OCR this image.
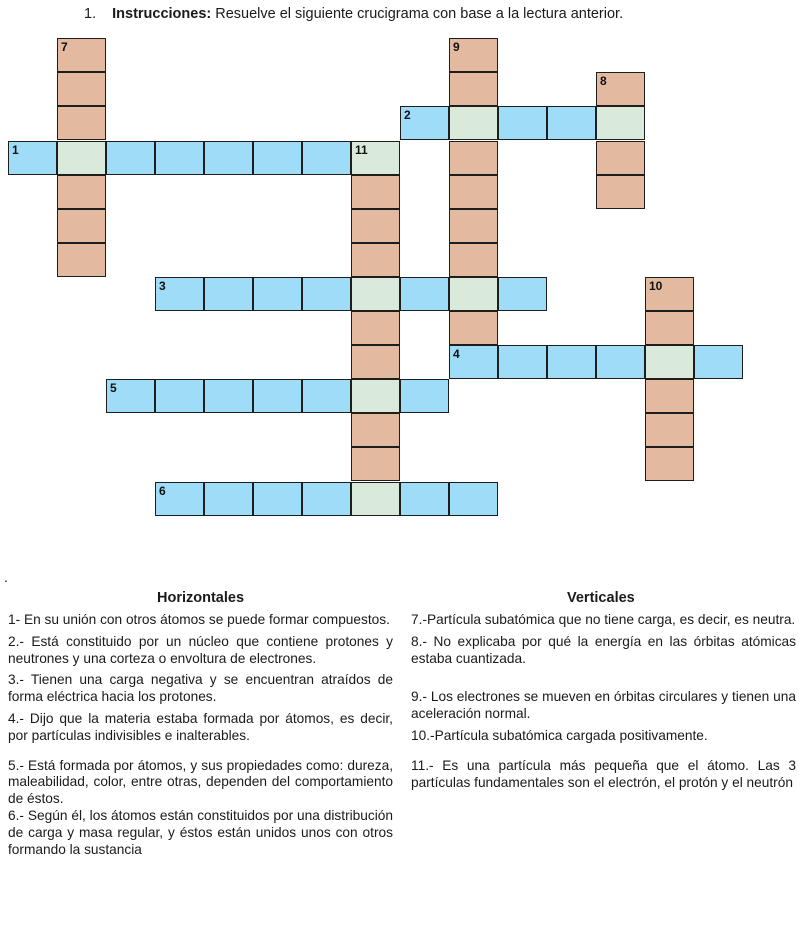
1. Instrucciones: Resuelve el siguiente crucigrama con base a la lectura anterior.
1	11
2
3
4
5
6
7
8
9
10
.
Horizontales	Verticales

1- En su unión con otros átomos se puede formar compuestos.

2.- Está constituido por un núcleo que contiene protones y neutrones y una corteza o envoltura de electrones.

3.- Tienen una carga negativa y se encuentran atraídos de forma eléctrica hacia los protones.

4.- Dijo que la materia estaba formada por átomos, es decir, por partículas indivisibles e inalterables.

5.- Está formada por átomos, y sus propiedades como: dureza, maleabilidad, color, entre otras, dependen del comportamiento de éstos.

6.- Según él, los átomos están constituidos por una distribución de carga y masa regular, y éstos están unidos unos con otros formando la sustancia

7.-Partícula subatómica que no tiene carga, es decir, es neutra.

8.- No explicaba por qué la energía en las órbitas atómicas estaba cuantizada.

9.- Los electrones se mueven en órbitas circulares y tienen una aceleración normal.

10.-Partícula subatómica cargada positivamente.

11.- Es una partícula más pequeña que el átomo. Las 3 partículas fundamentales son el electrón, el protón y el neutrón
